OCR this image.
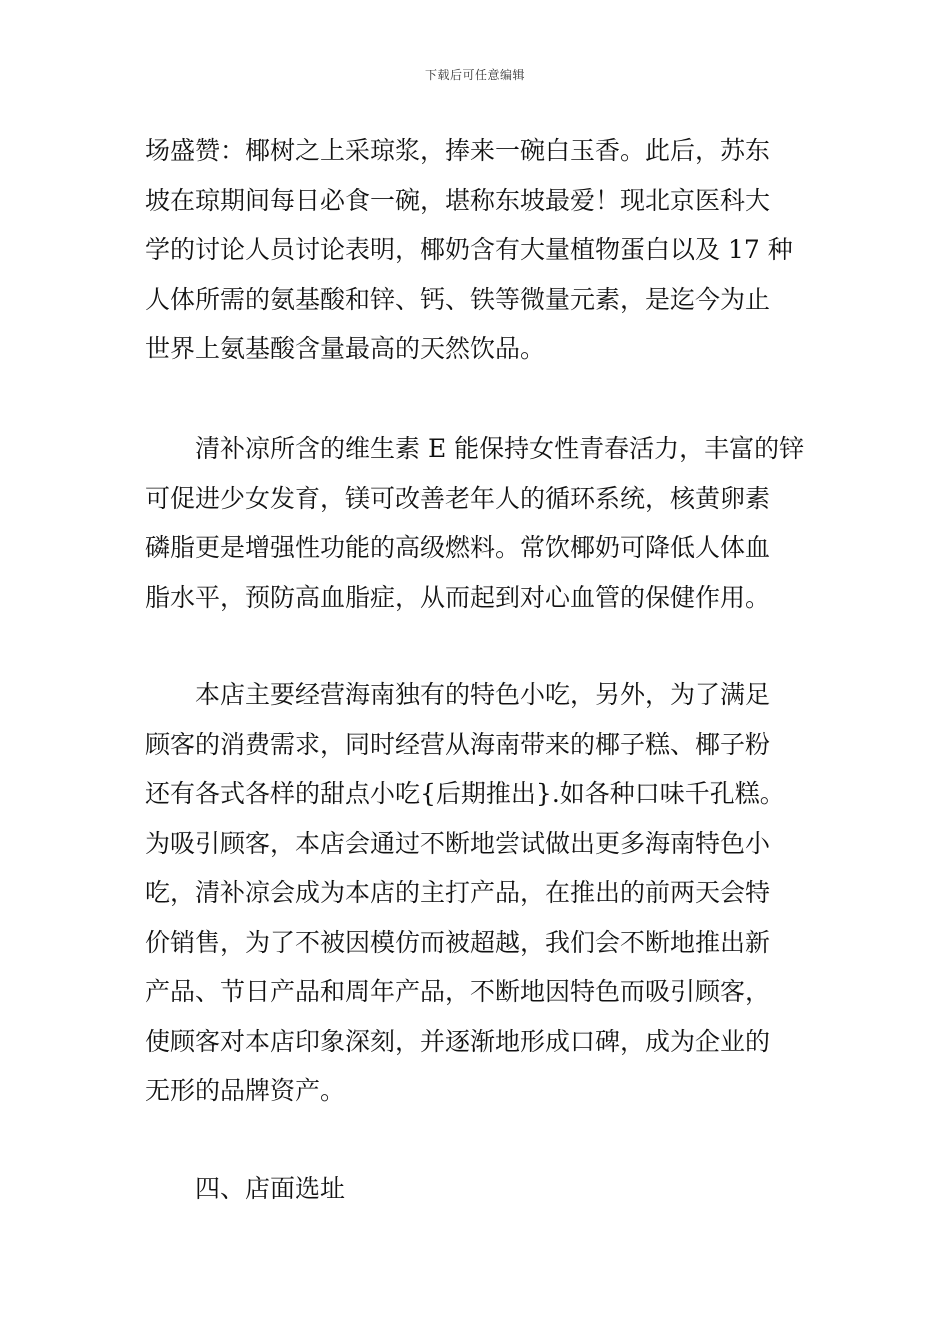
下载后可任意编辑
场盛赞：椰树之上采琼浆，捧来一碗白玉香。此后，苏东
坡在琼期间每日必食一碗，堪称东坡最爱！现北京医科大
学的讨论人员讨论表明，椰奶含有大量植物蛋白以及 17 种
人体所需的氨基酸和锌、钙、铁等微量元素，是迄今为止
世界上氨基酸含量最高的天然饮品。
清补凉所含的维生素 E 能保持女性青春活力，丰富的锌
可促进少女发育，镁可改善老年人的循环系统，核黄卵素
磷脂更是增强性功能的高级燃料。常饮椰奶可降低人体血
脂水平，预防高血脂症，从而起到对心血管的保健作用。
本店主要经营海南独有的特色小吃，另外，为了满足
顾客的消费需求，同时经营从海南带来的椰子糕、椰子粉
还有各式各样的甜点小吃{后期推出}.如各种口味千孔糕。
为吸引顾客，本店会通过不断地尝试做出更多海南特色小
吃，清补凉会成为本店的主打产品，在推出的前两天会特
价销售，为了不被因模仿而被超越，我们会不断地推出新
产品、节日产品和周年产品，不断地因特色而吸引顾客，
使顾客对本店印象深刻，并逐渐地形成口碑，成为企业的
无形的品牌资产。
四、店面选址
